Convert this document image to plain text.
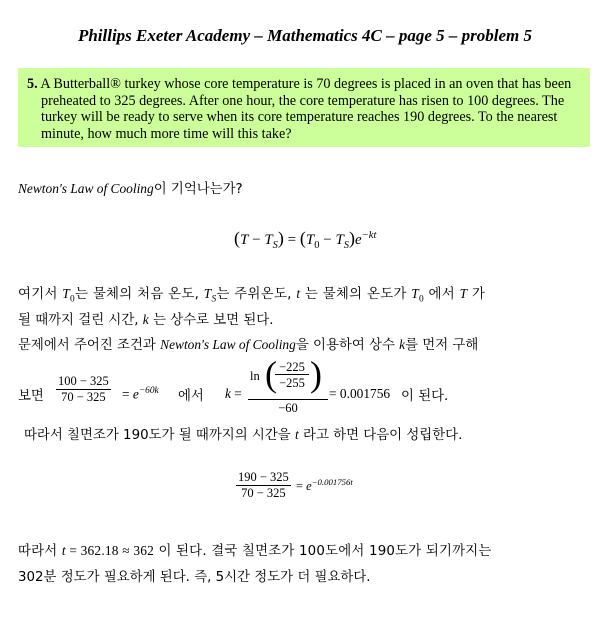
Phillips Exeter Academy – Mathematics 4C – page 5 – problem 5
5. A Butterball® turkey whose core temperature is 70 degrees is placed in an oven that has been preheated to 325 degrees. After one hour, the core temperature has risen to 100 degrees. The turkey will be ready to serve when its core temperature reaches 190 degrees. To the nearest minute, how much more time will this take?
Newton's Law of Cooling이 기억나는가?
$(T - T_S) = (T_0 - T_S)e^{-kt}$
여기서 $T_0$는 물체의 처음 온도, $T_S$는 주위온도, t 는 물체의 온도가 $T_0$ 에서 T 가
될 때까지 걸린 시간, k 는 상수로 보면 된다.
문제에서 주어진 조건과 Newton's Law of Cooling을 이용하여 상수 k를 먼저 구해
보면 $\frac{100 - 325}{70 - 325} = e^{-60k}$ 에서 k =
ln ( −225
−255 )
−60
= 0.001756 이 된다.
따라서 칠면조가 190도가 될 때까지의 시간을 t 라고 하면 다음이 성립한다.
$\frac{190 - 325}{70 - 325} = e^{-0.001756t}$
따라서 t = 362.18 ≈ 362 이 된다. 결국 칠면조가 100도에서 190도가 되기까지는
302분 정도가 필요하게 된다. 즉, 5시간 정도가 더 필요하다.
